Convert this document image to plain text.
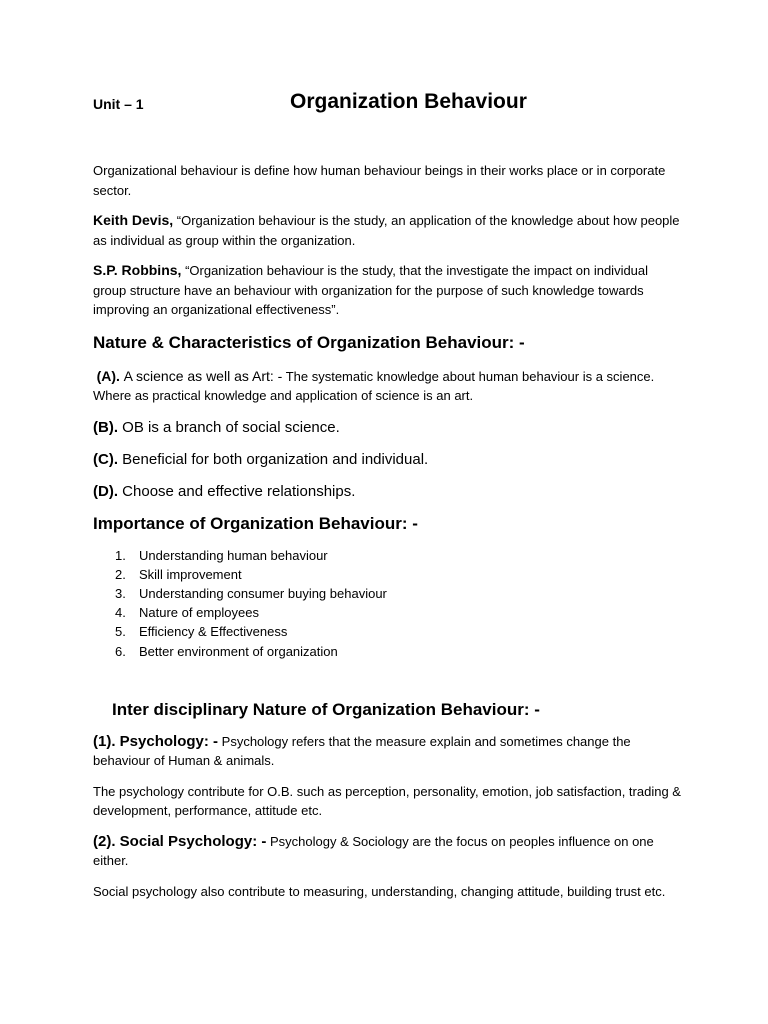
Unit – 1	Organization Behaviour

Organizational behaviour is define how human behaviour beings in their works place or in corporate sector.

Keith Devis, “Organization behaviour is the study, an application of the knowledge about how people as individual as group within the organization.

S.P. Robbins, “Organization behaviour is the study, that the investigate the impact on individual group structure have an behaviour with organization for the purpose of such knowledge towards improving an organizational effectiveness”.

Nature & Characteristics of Organization Behaviour: -

(A). A science as well as Art: - The systematic knowledge about human behaviour is a science. Where as practical knowledge and application of science is an art.

(B). OB is a branch of social science.
(C). Beneficial for both organization and individual.
(D). Choose and effective relationships.
Importance of Organization Behaviour: -
1. Understanding human behaviour
2. Skill improvement
3. Understanding consumer buying behaviour
4. Nature of employees
5. Efficiency & Effectiveness
6. Better environment of organization
Inter disciplinary Nature of Organization Behaviour: -

(1). Psychology: - Psychology refers that the measure explain and sometimes change the behaviour of Human & animals.

The psychology contribute for O.B. such as perception, personality, emotion, job satisfaction, trading & development, performance, attitude etc.

(2). Social Psychology: - Psychology & Sociology are the focus on peoples influence on one either.

Social psychology also contribute to measuring, understanding, changing attitude, building trust etc.
